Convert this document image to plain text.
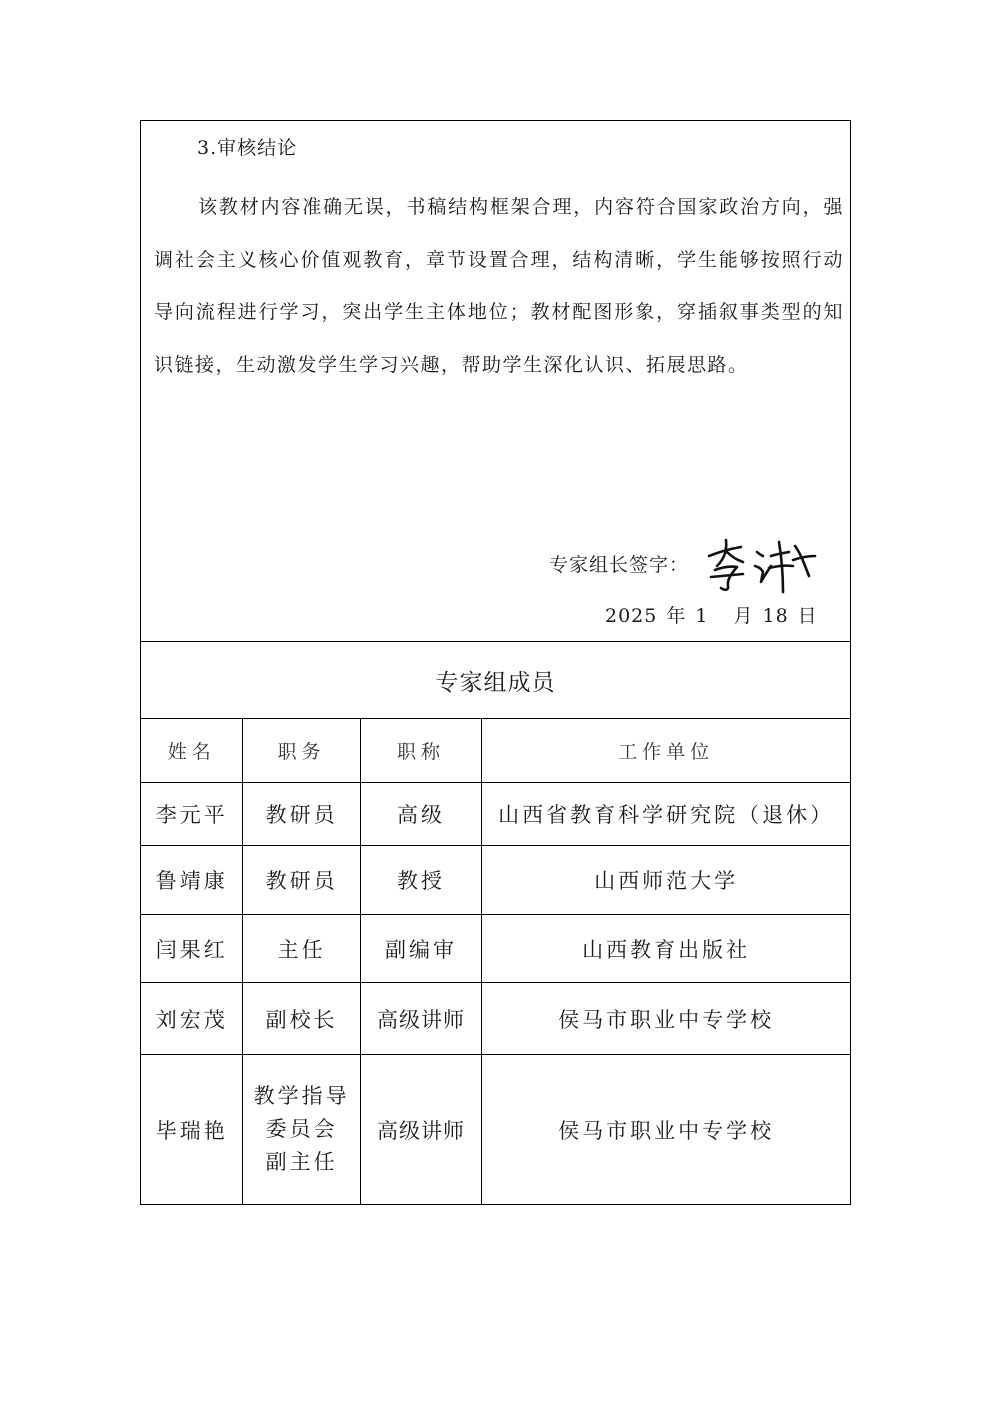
3.审核结论
该教材内容准确无误，书稿结构框架合理，内容符合国家政治方向，强调社会主义核心价值观教育，章节设置合理，结构清晰，学生能够按照行动导向流程进行学习，突出学生主体地位；教材配图形象，穿插叙事类型的知识链接，生动激发学生学习兴趣，帮助学生深化认识、拓展思路。
专家组长签字：
2025 年 1 月 18 日
专家组成员
姓名	职务	职称	工作单位
李元平	教研员	高级	山西省教育科学研究院（退休）
鲁靖康	教研员	教授	山西师范大学
闫果红	主任	副编审	山西教育出版社
刘宏茂	副校长	高级讲师	侯马市职业中专学校
毕瑞艳	教学指导
委员会
副主任	高级讲师	侯马市职业中专学校
